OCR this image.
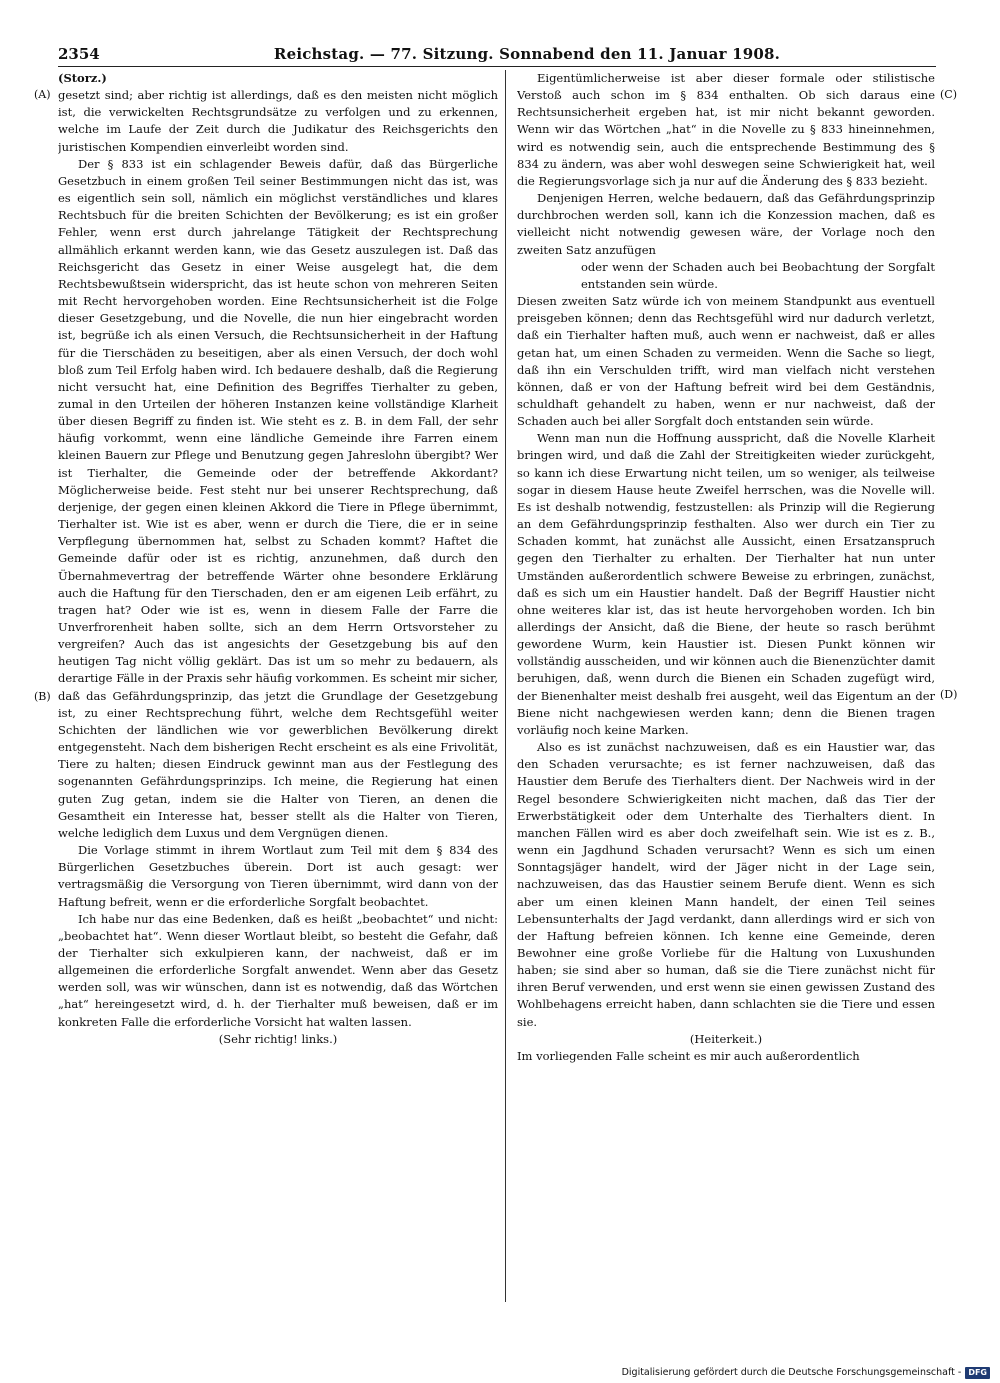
2354	Reichstag. — 77. Sitzung. Sonnabend den 11. Januar 1908.
(A)
(B)
(C)
(D)

(Storz.)

gesetzt sind; aber richtig ist allerdings, daß es den meisten nicht möglich ist, die verwickelten Rechtsgrundsätze zu verfolgen und zu erkennen, welche im Laufe der Zeit durch die Judikatur des Reichsgerichts den juristischen Kompendien einverleibt worden sind.

Der § 833 ist ein schlagender Beweis dafür, daß das Bürgerliche Gesetzbuch in einem großen Teil seiner Bestimmungen nicht das ist, was es eigentlich sein soll, nämlich ein möglichst verständliches und klares Rechtsbuch für die breiten Schichten der Bevölkerung; es ist ein großer Fehler, wenn erst durch jahrelange Tätigkeit der Rechtsprechung allmählich erkannt werden kann, wie das Gesetz auszulegen ist. Daß das Reichsgericht das Gesetz in einer Weise ausgelegt hat, die dem Rechtsbewußtsein widerspricht, das ist heute schon von mehreren Seiten mit Recht hervorgehoben worden. Eine Rechtsunsicherheit ist die Folge dieser Gesetzgebung, und die Novelle, die nun hier eingebracht worden ist, begrüße ich als einen Versuch, die Rechtsunsicherheit in der Haftung für die Tierschäden zu beseitigen, aber als einen Versuch, der doch wohl bloß zum Teil Erfolg haben wird. Ich bedauere deshalb, daß die Regierung nicht versucht hat, eine Definition des Begriffes Tierhalter zu geben, zumal in den Urteilen der höheren Instanzen keine vollständige Klarheit über diesen Begriff zu finden ist. Wie steht es z. B. in dem Fall, der sehr häufig vorkommt, wenn eine ländliche Gemeinde ihre Farren einem kleinen Bauern zur Pflege und Benutzung gegen Jahreslohn übergibt? Wer ist Tierhalter, die Gemeinde oder der betreffende Akkordant? Möglicherweise beide. Fest steht nur bei unserer Rechtsprechung, daß derjenige, der gegen einen kleinen Akkord die Tiere in Pflege übernimmt, Tierhalter ist. Wie ist es aber, wenn er durch die Tiere, die er in seine Verpflegung übernommen hat, selbst zu Schaden kommt? Haftet die Gemeinde dafür oder ist es richtig, anzunehmen, daß durch den Übernahmevertrag der betreffende Wärter ohne besondere Erklärung auch die Haftung für den Tierschaden, den er am eigenen Leib erfährt, zu tragen hat? Oder wie ist es, wenn in diesem Falle der Farre die Unverfrorenheit haben sollte, sich an dem Herrn Ortsvorsteher zu vergreifen? Auch das ist angesichts der Gesetzgebung bis auf den heutigen Tag nicht völlig geklärt. Das ist um so mehr zu bedauern, als derartige Fälle in der Praxis sehr häufig vorkommen. Es scheint mir sicher, daß das Gefährdungsprinzip, das jetzt die Grundlage der Gesetzgebung ist, zu einer Rechtsprechung führt, welche dem Rechtsgefühl weiter Schichten der ländlichen wie vor gewerblichen Bevölkerung direkt entgegensteht. Nach dem bisherigen Recht erscheint es als eine Frivolität, Tiere zu halten; diesen Eindruck gewinnt man aus der Festlegung des sogenannten Gefährdungsprinzips. Ich meine, die Regierung hat einen guten Zug getan, indem sie die Halter von Tieren, an denen die Gesamtheit ein Interesse hat, besser stellt als die Halter von Tieren, welche lediglich dem Luxus und dem Vergnügen dienen.

Die Vorlage stimmt in ihrem Wortlaut zum Teil mit dem § 834 des Bürgerlichen Gesetzbuches überein. Dort ist auch gesagt: wer vertragsmäßig die Versorgung von Tieren übernimmt, wird dann von der Haftung befreit, wenn er die erforderliche Sorgfalt beobachtet.

Ich habe nur das eine Bedenken, daß es heißt „beobachtet“ und nicht: „beobachtet hat“. Wenn dieser Wortlaut bleibt, so besteht die Gefahr, daß der Tierhalter sich exkulpieren kann, der nachweist, daß er im allgemeinen die erforderliche Sorgfalt anwendet. Wenn aber das Gesetz werden soll, was wir wünschen, dann ist es notwendig, daß das Wörtchen „hat“ hereingesetzt wird, d. h. der Tierhalter muß beweisen, daß er im konkreten Falle die erforderliche Vorsicht hat walten lassen.

(Sehr richtig! links.)

Eigentümlicherweise ist aber dieser formale oder stilistische Verstoß auch schon im § 834 enthalten. Ob sich daraus eine Rechtsunsicherheit ergeben hat, ist mir nicht bekannt geworden. Wenn wir das Wörtchen „hat“ in die Novelle zu § 833 hineinnehmen, wird es notwendig sein, auch die entsprechende Bestimmung des § 834 zu ändern, was aber wohl deswegen seine Schwierigkeit hat, weil die Regierungsvorlage sich ja nur auf die Änderung des § 833 bezieht.

Denjenigen Herren, welche bedauern, daß das Gefährdungsprinzip durchbrochen werden soll, kann ich die Konzession machen, daß es vielleicht nicht notwendig gewesen wäre, der Vorlage noch den zweiten Satz anzufügen

oder wenn der Schaden auch bei Beobachtung der Sorgfalt entstanden sein würde.

Diesen zweiten Satz würde ich von meinem Standpunkt aus eventuell preisgeben können; denn das Rechtsgefühl wird nur dadurch verletzt, daß ein Tierhalter haften muß, auch wenn er nachweist, daß er alles getan hat, um einen Schaden zu vermeiden. Wenn die Sache so liegt, daß ihn ein Verschulden trifft, wird man vielfach nicht verstehen können, daß er von der Haftung befreit wird bei dem Geständnis, schuldhaft gehandelt zu haben, wenn er nur nachweist, daß der Schaden auch bei aller Sorgfalt doch entstanden sein würde.

Wenn man nun die Hoffnung ausspricht, daß die Novelle Klarheit bringen wird, und daß die Zahl der Streitigkeiten wieder zurückgeht, so kann ich diese Erwartung nicht teilen, um so weniger, als teilweise sogar in diesem Hause heute Zweifel herrschen, was die Novelle will. Es ist deshalb notwendig, festzustellen: als Prinzip will die Regierung an dem Gefährdungsprinzip festhalten. Also wer durch ein Tier zu Schaden kommt, hat zunächst alle Aussicht, einen Ersatzanspruch gegen den Tierhalter zu erhalten. Der Tierhalter hat nun unter Umständen außerordentlich schwere Beweise zu erbringen, zunächst, daß es sich um ein Haustier handelt. Daß der Begriff Haustier nicht ohne weiteres klar ist, das ist heute hervorgehoben worden. Ich bin allerdings der Ansicht, daß die Biene, der heute so rasch berühmt gewordene Wurm, kein Haustier ist. Diesen Punkt können wir vollständig ausscheiden, und wir können auch die Bienenzüchter damit beruhigen, daß, wenn durch die Bienen ein Schaden zugefügt wird, der Bienenhalter meist deshalb frei ausgeht, weil das Eigentum an der Biene nicht nachgewiesen werden kann; denn die Bienen tragen vorläufig noch keine Marken.

Also es ist zunächst nachzuweisen, daß es ein Haustier war, das den Schaden verursachte; es ist ferner nachzuweisen, daß das Haustier dem Berufe des Tierhalters dient. Der Nachweis wird in der Regel besondere Schwierigkeiten nicht machen, daß das Tier der Erwerbstätigkeit oder dem Unterhalte des Tierhalters dient. In manchen Fällen wird es aber doch zweifelhaft sein. Wie ist es z. B., wenn ein Jagdhund Schaden verursacht? Wenn es sich um einen Sonntagsjäger handelt, wird der Jäger nicht in der Lage sein, nachzuweisen, das das Haustier seinem Berufe dient. Wenn es sich aber um einen kleinen Mann handelt, der einen Teil seines Lebensunterhalts der Jagd verdankt, dann allerdings wird er sich von der Haftung befreien können. Ich kenne eine Gemeinde, deren Bewohner eine große Vorliebe für die Haltung von Luxushunden haben; sie sind aber so human, daß sie die Tiere zunächst nicht für ihren Beruf verwenden, und erst wenn sie einen gewissen Zustand des Wohlbehagens erreicht haben, dann schlachten sie die Tiere und essen sie.

(Heiterkeit.)

Im vorliegenden Falle scheint es mir auch außerordentlich

Digitalisierung gefördert durch die Deutsche Forschungsgemeinschaft - DFG
